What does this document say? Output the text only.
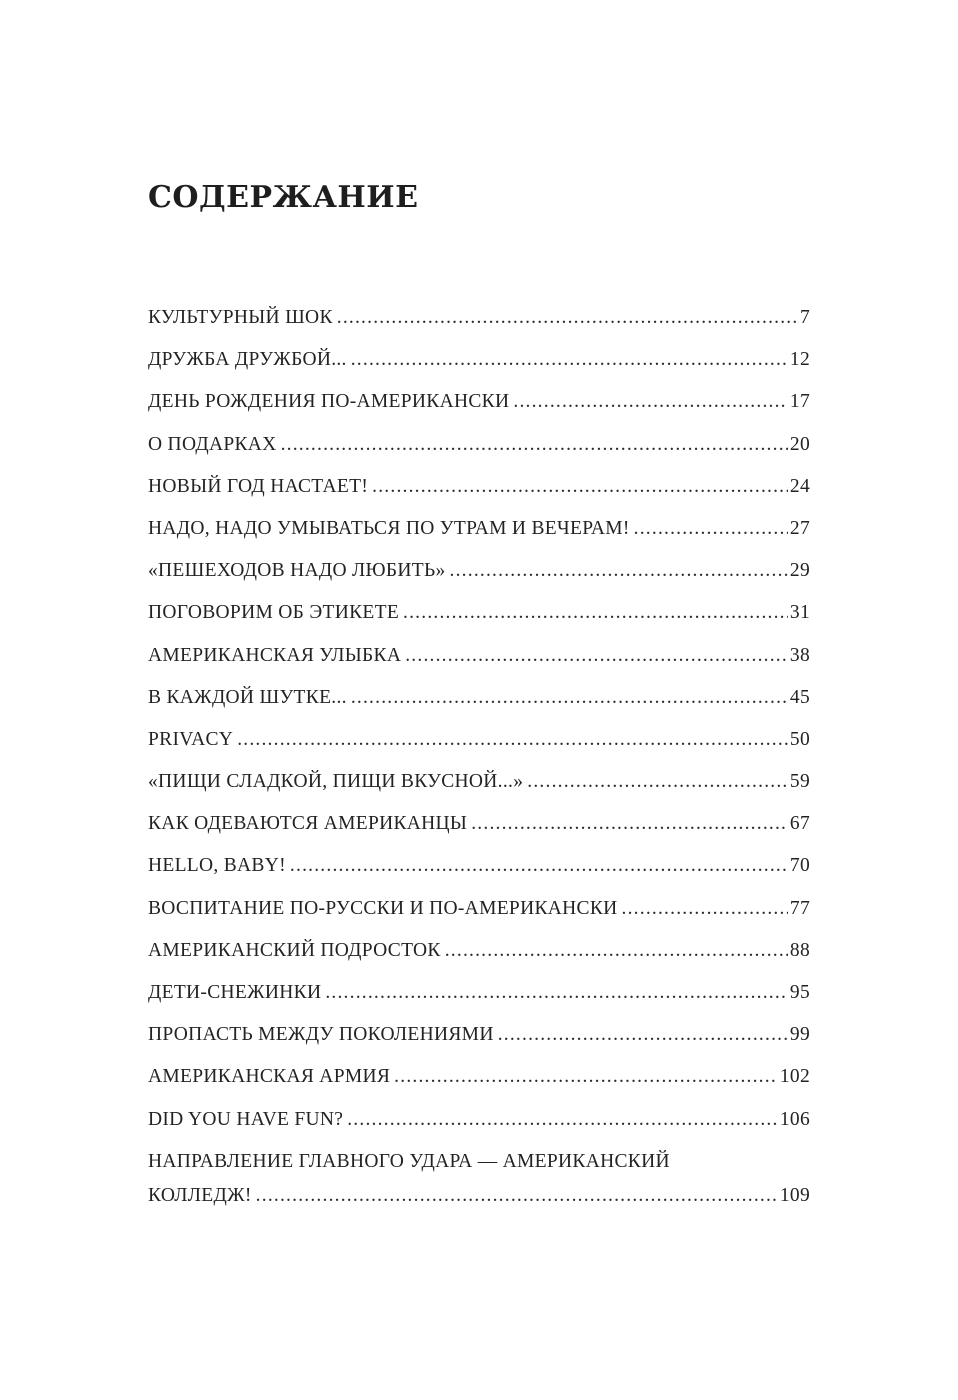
СОДЕРЖАНИЕ
КУЛЬТУРНЫЙ ШОК .....	7
ДРУЖБА ДРУЖБОЙ... .....	12
ДЕНЬ РОЖДЕНИЯ ПО-АМЕРИКАНСКИ .....	17
О ПОДАРКАХ .....	20
НОВЫЙ ГОД НАСТАЕТ! .....	24
НАДО, НАДО УМЫВАТЬСЯ ПО УТРАМ И ВЕЧЕРАМ! .....	27
«ПЕШЕХОДОВ НАДО ЛЮБИТЬ» .....	29
ПОГОВОРИМ ОБ ЭТИКЕТЕ .....	31
АМЕРИКАНСКАЯ УЛЫБКА .....	38
В КАЖДОЙ ШУТКЕ... .....	45
PRIVACY .....	50
«ПИЩИ СЛАДКОЙ, ПИЩИ ВКУСНОЙ...» .....	59
КАК ОДЕВАЮТСЯ АМЕРИКАНЦЫ .....	67
HELLO, BABY! .....	70
ВОСПИТАНИЕ ПО-РУССКИ И ПО-АМЕРИКАНСКИ .....	77
АМЕРИКАНСКИЙ ПОДРОСТОК .....	88
ДЕТИ-СНЕЖИНКИ .....	95
ПРОПАСТЬ МЕЖДУ ПОКОЛЕНИЯМИ .....	99
АМЕРИКАНСКАЯ АРМИЯ .....	102
DID YOU HAVE FUN? .....	106
НАПРАВЛЕНИЕ ГЛАВНОГО УДАРА — АМЕРИКАНСКИЙ
КОЛЛЕДЖ! .....	109
